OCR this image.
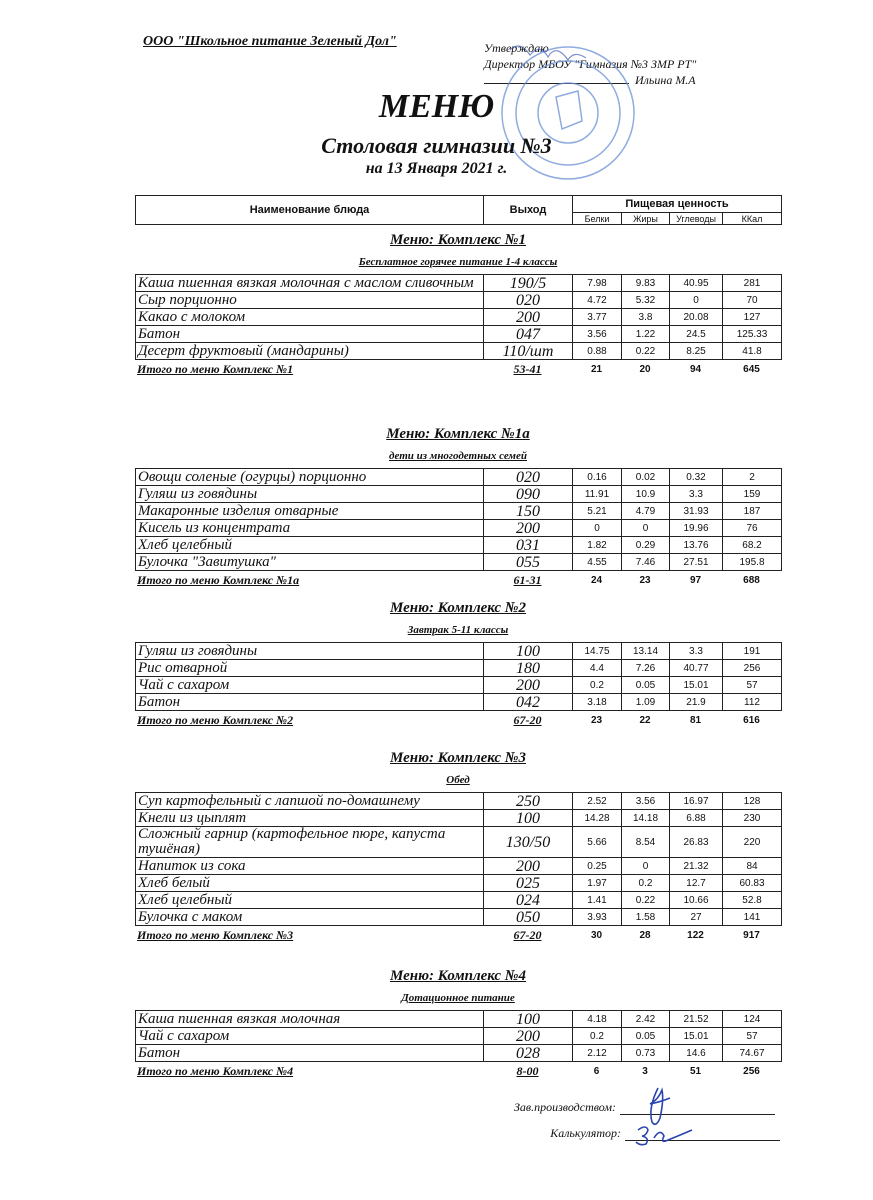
ООО "Школьное питание Зеленый Дол"	Утверждаю
Директор МБОУ "Гимназия №3 ЗМР РТ"
Ильина М.А
МЕНЮ
Столовая гимназии №3
на 13 Января 2021 г.
Наименование блюда	Выход	Пищевая ценность			
		Белки	Жиры	Углеводы	ККал
Меню: Комплекс №1
Бесплатное горячее питание 1-4 классы
Каша пшенная вязкая молочная с маслом сливочным	190/5	7.98	9.83	40.95	281
Сыр порционно	020	4.72	5.32	0	70
Какао с молоком	200	3.77	3.8	20.08	127
Батон	047	3.56	1.22	24.5	125.33
Десерт фруктовый (мандарины)	110/шт	0.88	0.22	8.25	41.8
Итого по меню Комплекс №1	53-41	21	20	94	645
Меню: Комплекс №1а
дети из многодетных семей
Овощи соленые (огурцы) порционно	020	0.16	0.02	0.32	2
Гуляш из говядины	090	11.91	10.9	3.3	159
Макаронные изделия отварные	150	5.21	4.79	31.93	187
Кисель из концентрата	200	0	0	19.96	76
Хлеб целебный	031	1.82	0.29	13.76	68.2
Булочка "Завитушка"	055	4.55	7.46	27.51	195.8
Итого по меню Комплекс №1а	61-31	24	23	97	688
Меню: Комплекс №2
Завтрак 5-11 классы
Гуляш из говядины	100	14.75	13.14	3.3	191
Рис отварной	180	4.4	7.26	40.77	256
Чай с сахаром	200	0.2	0.05	15.01	57
Батон	042	3.18	1.09	21.9	112
Итого по меню Комплекс №2	67-20	23	22	81	616
Меню: Комплекс №3
Обед
Суп картофельный с лапшой по-домашнему	250	2.52	3.56	16.97	128
Кнели из цыплят	100	14.28	14.18	6.88	230
Сложный гарнир (картофельное пюре, капуста тушёная)	130/50	5.66	8.54	26.83	220
Напиток из сока	200	0.25	0	21.32	84
Хлеб белый	025	1.97	0.2	12.7	60.83
Хлеб целебный	024	1.41	0.22	10.66	52.8
Булочка с маком	050	3.93	1.58	27	141
Итого по меню Комплекс №3	67-20	30	28	122	917
Меню: Комплекс №4
Дотационное питание
Каша пшенная вязкая молочная	100	4.18	2.42	21.52	124
Чай с сахаром	200	0.2	0.05	15.01	57
Батон	028	2.12	0.73	14.6	74.67
Итого по меню Комплекс №4	8-00	6	3	51	256
Зав.производством:
Калькулятор:
